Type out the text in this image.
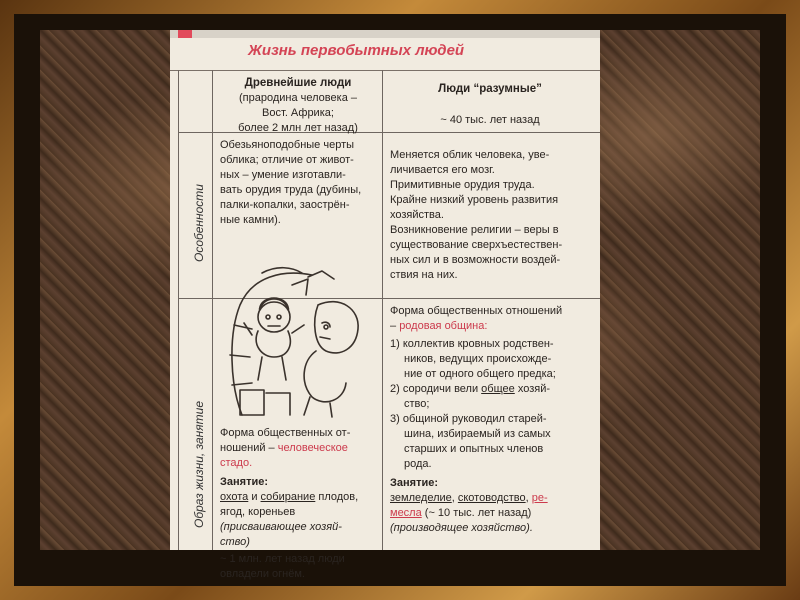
Жизнь первобытных людей

Древнейшие люди

(прародина человека –

Вост. Африка;

более 2 млн лет назад)

Люди “разумные”

~ 40 тыс. лет назад

Особенности
Образ жизни, занятие

Обезьяноподобные черты

облика; отличие от живот-

ных – умение изготавли-

вать орудия труда (дубины,

палки-копалки, заострён-

ные камни).

Меняется облик человека, уве-

личивается его мозг.

Примитивные орудия труда.

Крайне низкий уровень развития

хозяйства.

Возникновение религии – веры в

существование сверхъестествен-

ных сил и в возможности воздей-

ствия на них.

Форма общественных от-

ношений – человеческое

стадо.

Занятие:

охота и собирание плодов,

ягод, кореньев

(присваивающее хозяй-

ство)

~ 1 млн. лет назад люди

овладели огнём.

Форма общественных отношений

– родовая община:

1) коллектив кровных родствен-

ников, ведущих происхожде-

ние от одного общего предка;

2) сородичи вели общее хозяй-

ство;

3) общиной руководил старей-

шина, избираемый из самых

старших и опытных членов

рода.

Занятие:

земледелие, скотоводство, ре-

месла (~ 10 тыс. лет назад)

(производящее хозяйство).
